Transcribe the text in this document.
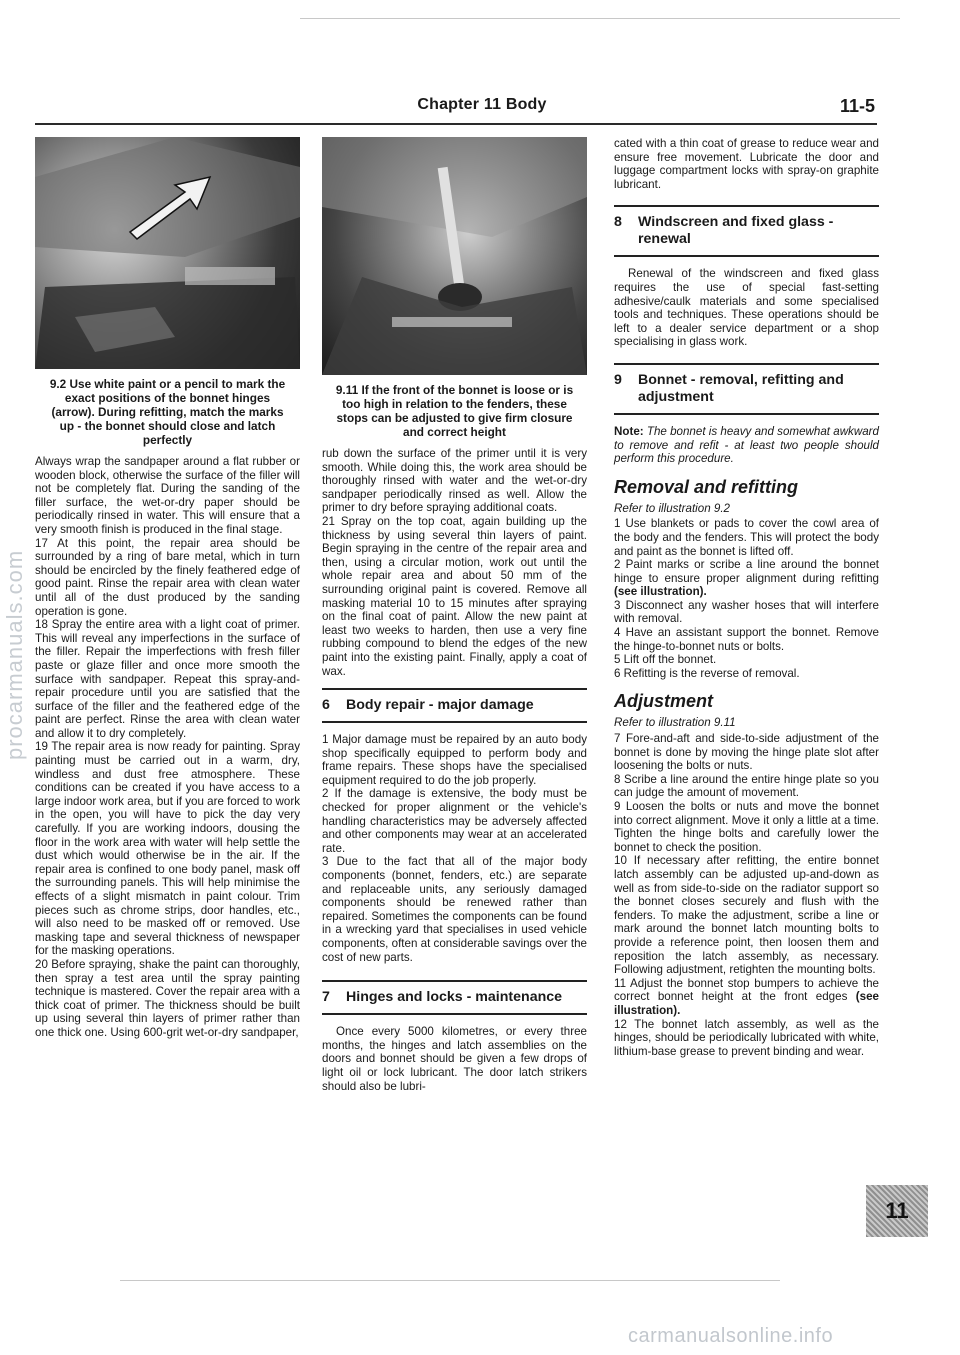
Chapter 11 Body	11-5
9.2 Use white paint or a pencil to mark the exact positions of the bonnet hinges (arrow). During refitting, match the marks up - the bonnet should close and latch perfectly

Always wrap the sandpaper around a flat rubber or wooden block, otherwise the surface of the filler will not be completely flat. During the sanding of the filler surface, the wet-or-dry paper should be periodically rinsed in water. This will ensure that a very smooth finish is produced in the final stage.

17 At this point, the repair area should be surrounded by a ring of bare metal, which in turn should be encircled by the finely feathered edge of good paint. Rinse the repair area with clean water until all of the dust produced by the sanding operation is gone.

18 Spray the entire area with a light coat of primer. This will reveal any imperfections in the surface of the filler. Repair the imperfections with fresh filler paste or glaze filler and once more smooth the surface with sandpaper. Repeat this spray-and-repair procedure until you are satisfied that the surface of the filler and the feathered edge of the paint are perfect. Rinse the area with clean water and allow it to dry completely.

19 The repair area is now ready for painting. Spray painting must be carried out in a warm, dry, windless and dust free atmosphere. These conditions can be created if you have access to a large indoor work area, but if you are forced to work in the open, you will have to pick the day very carefully. If you are working indoors, dousing the floor in the work area with water will help settle the dust which would otherwise be in the air. If the repair area is confined to one body panel, mask off the surrounding panels. This will help minimise the effects of a slight mismatch in paint colour. Trim pieces such as chrome strips, door handles, etc., will also need to be masked off or removed. Use masking tape and several thickness of newspaper for the masking operations.

20 Before spraying, shake the paint can thoroughly, then spray a test area until the spray painting technique is mastered. Cover the repair area with a thick coat of primer. The thickness should be built up using several thin layers of primer rather than one thick one. Using 600-grit wet-or-dry sandpaper,

9.11 If the front of the bonnet is loose or is too high in relation to the fenders, these stops can be adjusted to give firm closure and correct height

rub down the surface of the primer until it is very smooth. While doing this, the work area should be thoroughly rinsed with water and the wet-or-dry sandpaper periodically rinsed as well. Allow the primer to dry before spraying additional coats.

21 Spray on the top coat, again building up the thickness by using several thin layers of paint. Begin spraying in the centre of the repair area and then, using a circular motion, work out until the whole repair area and about 50 mm of the surrounding original paint is covered. Remove all masking material 10 to 15 minutes after spraying on the final coat of paint. Allow the new paint at least two weeks to harden, then use a very fine rubbing compound to blend the edges of the new paint into the existing paint. Finally, apply a coat of wax.

6	Body repair - major damage

1 Major damage must be repaired by an auto body shop specifically equipped to perform body and frame repairs. These shops have the specialised equipment required to do the job properly.

2 If the damage is extensive, the body must be checked for proper alignment or the vehicle's handling characteristics may be adversely affected and other components may wear at an accelerated rate.

3 Due to the fact that all of the major body components (bonnet, fenders, etc.) are separate and replaceable units, any seriously damaged components should be renewed rather than repaired. Sometimes the components can be found in a wrecking yard that specialises in used vehicle components, often at considerable savings over the cost of new parts.

7	Hinges and locks - maintenance

Once every 5000 kilometres, or every three months, the hinges and latch assemblies on the doors and bonnet should be given a few drops of light oil or lock lubricant. The door latch strikers should also be lubri-

cated with a thin coat of grease to reduce wear and ensure free movement. Lubricate the door and luggage compartment locks with spray-on graphite lubricant.

8	Windscreen and fixed glass - renewal

Renewal of the windscreen and fixed glass requires the use of special fast-setting adhesive/caulk materials and some specialised tools and techniques. These operations should be left to a dealer service department or a shop specialising in glass work.

9	Bonnet - removal, refitting and adjustment

Note: The bonnet is heavy and somewhat awkward to remove and refit - at least two people should perform this procedure.

Removal and refitting

Refer to illustration 9.2

1 Use blankets or pads to cover the cowl area of the body and the fenders. This will protect the body and paint as the bonnet is lifted off.

2 Paint marks or scribe a line around the bonnet hinge to ensure proper alignment during refitting (see illustration).

3 Disconnect any washer hoses that will interfere with removal.

4 Have an assistant support the bonnet. Remove the hinge-to-bonnet nuts or bolts.

5 Lift off the bonnet.

6 Refitting is the reverse of removal.

Adjustment

Refer to illustration 9.11

7 Fore-and-aft and side-to-side adjustment of the bonnet is done by moving the hinge plate slot after loosening the bolts or nuts.

8 Scribe a line around the entire hinge plate so you can judge the amount of movement.

9 Loosen the bolts or nuts and move the bonnet into correct alignment. Move it only a little at a time. Tighten the hinge bolts and carefully lower the bonnet to check the position.

10 If necessary after refitting, the entire bonnet latch assembly can be adjusted up-and-down as well as from side-to-side on the radiator support so the bonnet closes securely and flush with the fenders. To make the adjustment, scribe a line or mark around the bonnet latch mounting bolts to provide a reference point, then loosen them and reposition the latch assembly, as necessary. Following adjustment, retighten the mounting bolts.

11 Adjust the bonnet stop bumpers to achieve the correct bonnet height at the front edges (see illustration).

12 The bonnet latch assembly, as well as the hinges, should be periodically lubricated with white, lithium-base grease to prevent binding and wear.

11
procarmanuals.com
carmanualsonline.info
